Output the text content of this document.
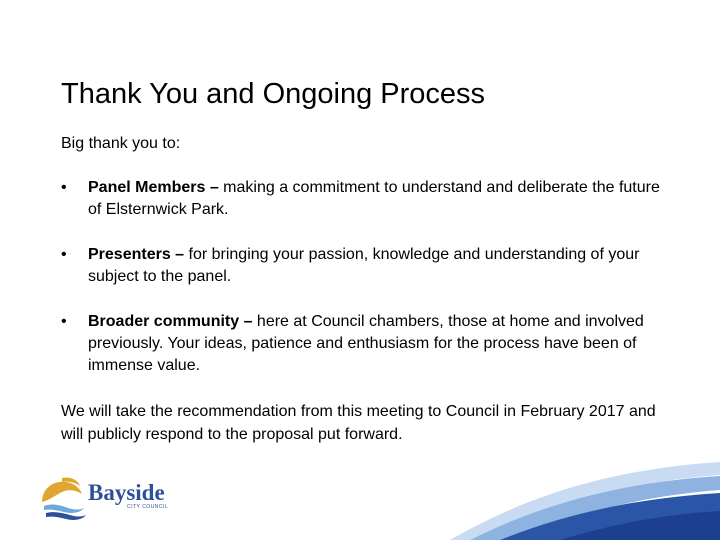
Thank You and Ongoing Process

Big thank you to:

• Panel Members – making a commitment to understand and deliberate the future of Elsternwick Park.
• Presenters – for bringing your passion, knowledge and understanding of your subject to the panel.
• Broader community – here at Council chambers, those at home and involved previously. Your ideas, patience and enthusiasm for the process have been of immense value.

We will take the recommendation from this meeting to Council in February 2017 and will publicly respond to the proposal put forward.

Bayside
CITY COUNCIL
